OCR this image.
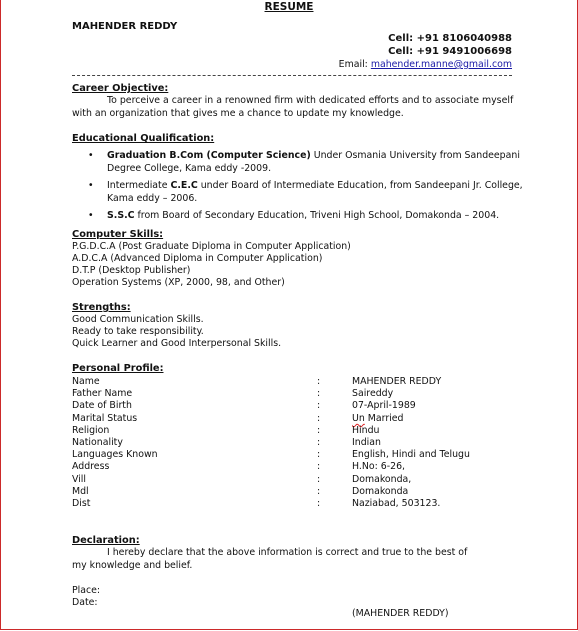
RESUME
MAHENDER REDDY
Cell: +91 8106040988
Cell: +91 9491006698
Email: mahender.manne@gmail.com
Career Objective:
To perceive a career in a renowned firm with dedicated efforts and to associate myself with an organization that gives me a chance to update my knowledge.
Educational Qualification:
• Graduation B.Com (Computer Science) Under Osmania University from Sandeepani Degree College, Kama eddy -2009.
• Intermediate C.E.C under Board of Intermediate Education, from Sandeepani Jr. College, Kama eddy – 2006.
• S.S.C from Board of Secondary Education, Triveni High School, Domakonda – 2004.
Computer Skills:
P.G.D.C.A (Post Graduate Diploma in Computer Application)
A.D.C.A (Advanced Diploma in Computer Application)
D.T.P (Desktop Publisher)
Operation Systems (XP, 2000, 98, and Other)
Strengths:
Good Communication Skills.
Ready to take responsibility.
Quick Learner and Good Interpersonal Skills.
Personal Profile:
Name	:	MAHENDER REDDY
Father Name	:	Saireddy
Date of Birth	:	07-April-1989
Marital Status	:	Un Married
Religion	:	Hindu
Nationality	:	Indian
Languages Known	:	English, Hindi and Telugu
Address	:	H.No: 6-26,
Vill	:	Domakonda,
Mdl	:	Domakonda
Dist	:	Naziabad, 503123.
Declaration:
I hereby declare that the above information is correct and true to the best of my knowledge and belief.
Place:
Date:
(MAHENDER REDDY)
